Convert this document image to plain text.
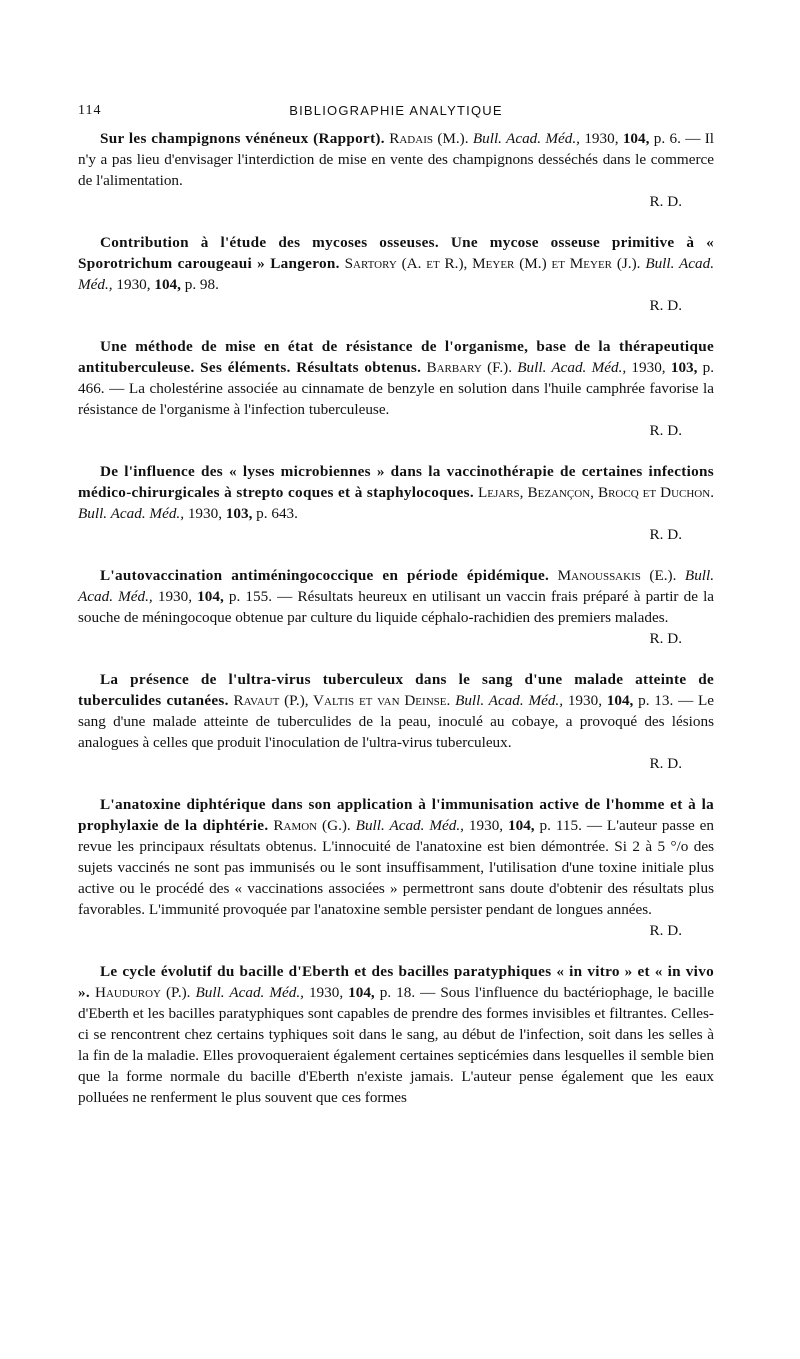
114	BIBLIOGRAPHIE ANALYTIQUE

Sur les champignons vénéneux (Rapport). Radais (M.). Bull. Acad. Méd., 1930, 104, p. 6. — Il n'y a pas lieu d'envisager l'interdiction de mise en vente des champignons desséchés dans le commerce de l'alimentation.

R. D.

Contribution à l'étude des mycoses osseuses. Une mycose osseuse primitive à « Sporotrichum carougeaui » Langeron. Sartory (A. et R.), Meyer (M.) et Meyer (J.). Bull. Acad. Méd., 1930, 104, p. 98.

R. D.

Une méthode de mise en état de résistance de l'organisme, base de la thérapeutique antituberculeuse. Ses éléments. Résultats obtenus. Barbary (F.). Bull. Acad. Méd., 1930, 103, p. 466. — La cholestérine associée au cinnamate de benzyle en solution dans l'huile camphrée favorise la résistance de l'organisme à l'infection tuberculeuse.

R. D.

De l'influence des « lyses microbiennes » dans la vaccinothérapie de certaines infections médico-chirurgicales à strepto coques et à staphylocoques. Lejars, Bezançon, Brocq et Duchon. Bull. Acad. Méd., 1930, 103, p. 643.

R. D.

L'autovaccination antiméningococcique en période épidémique. Manoussakis (E.). Bull. Acad. Méd., 1930, 104, p. 155. — Résultats heureux en utilisant un vaccin frais préparé à partir de la souche de méningocoque obtenue par culture du liquide céphalo-rachidien des premiers malades.

R. D.

La présence de l'ultra-virus tuberculeux dans le sang d'une malade atteinte de tuberculides cutanées. Ravaut (P.), Valtis et van Deinse. Bull. Acad. Méd., 1930, 104, p. 13. — Le sang d'une malade atteinte de tuberculides de la peau, inoculé au cobaye, a provoqué des lésions analogues à celles que produit l'inoculation de l'ultra-virus tuberculeux.

R. D.

L'anatoxine diphtérique dans son application à l'immunisation active de l'homme et à la prophylaxie de la diphtérie. Ramon (G.). Bull. Acad. Méd., 1930, 104, p. 115. — L'auteur passe en revue les principaux résultats obtenus. L'innocuité de l'anatoxine est bien démontrée. Si 2 à 5 °/o des sujets vaccinés ne sont pas immunisés ou le sont insuffisamment, l'utilisation d'une toxine initiale plus active ou le procédé des « vaccinations associées » permettront sans doute d'obtenir des résultats plus favorables. L'immunité provoquée par l'anatoxine semble persister pendant de longues années.

R. D.

Le cycle évolutif du bacille d'Eberth et des bacilles paratyphiques « in vitro » et « in vivo ». Hauduroy (P.). Bull. Acad. Méd., 1930, 104, p. 18. — Sous l'influence du bactériophage, le bacille d'Eberth et les bacilles paratyphiques sont capables de prendre des formes invisibles et filtrantes. Celles-ci se rencontrent chez certains typhiques soit dans le sang, au début de l'infection, soit dans les selles à la fin de la maladie. Elles provoqueraient également certaines septicémies dans lesquelles il semble bien que la forme normale du bacille d'Eberth n'existe jamais. L'auteur pense également que les eaux polluées ne renferment le plus souvent que ces formes
